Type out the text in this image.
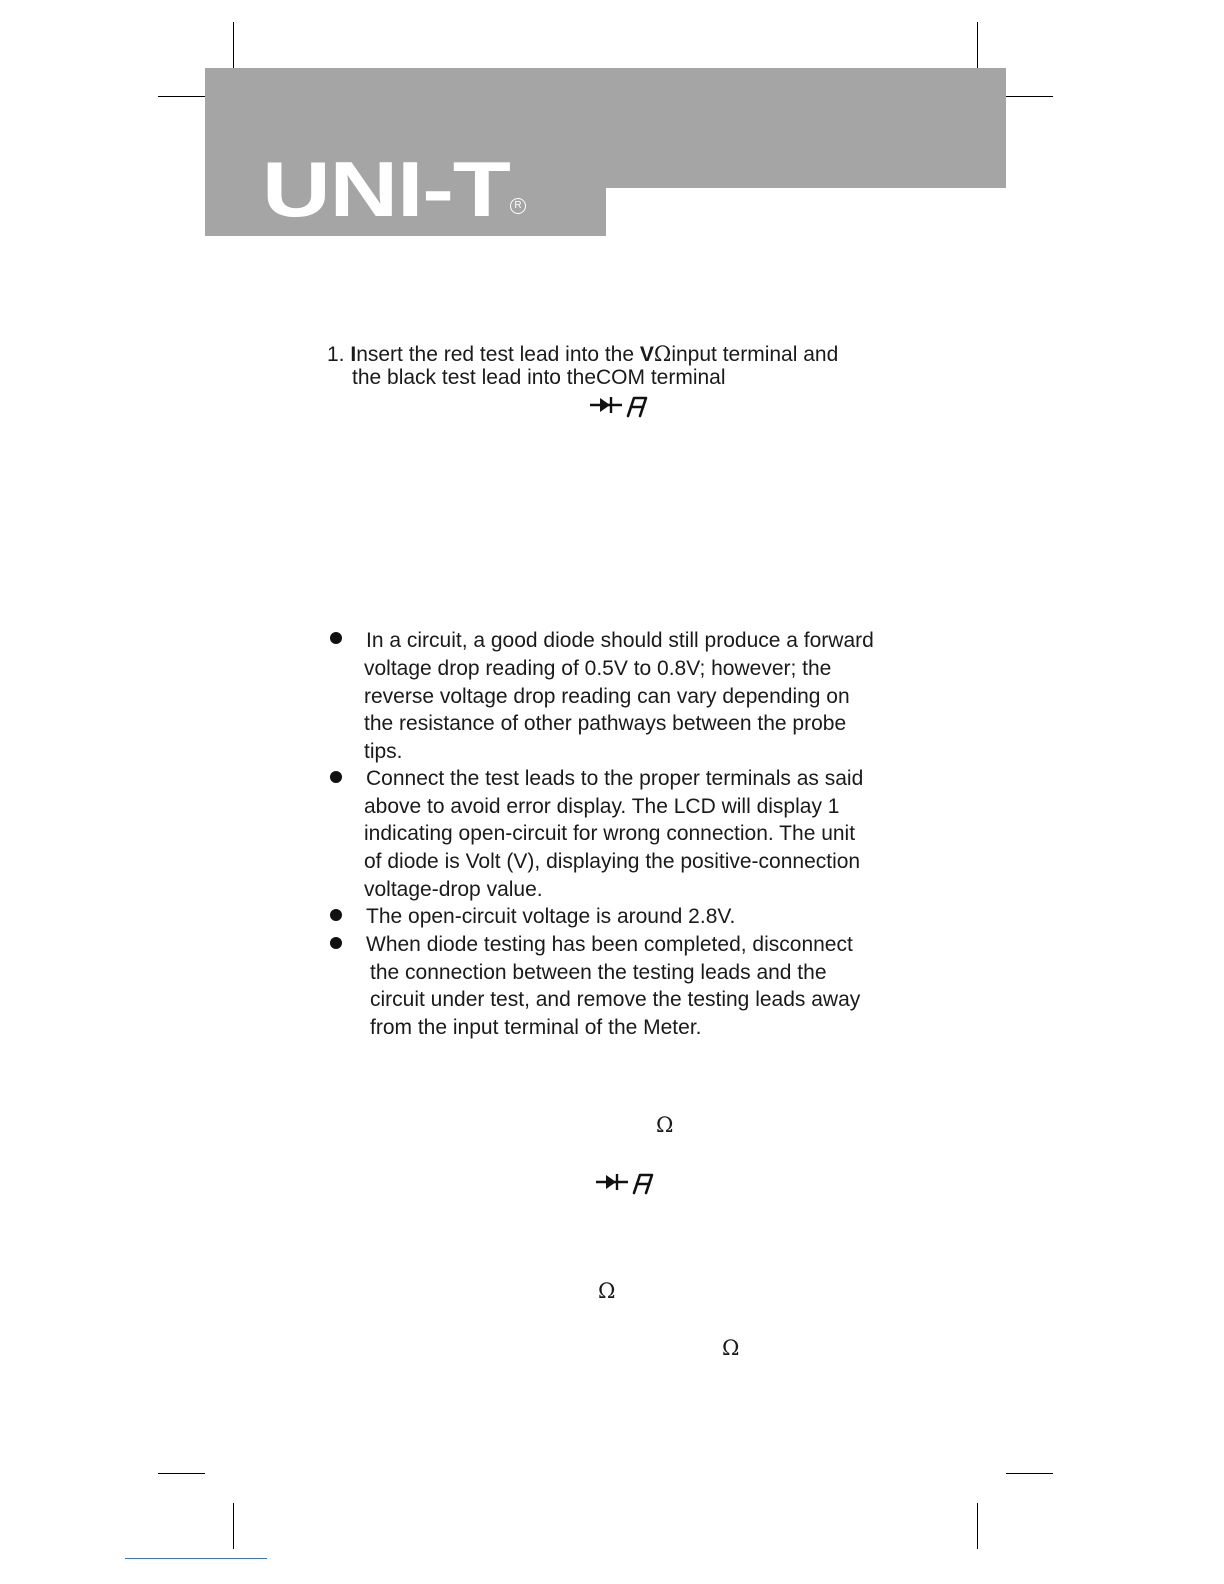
UNI-T R
1. Insert the red test lead into the VΩinput terminal and
the black test lead into theCOM terminal
In a circuit, a good diode should still produce a forward
voltage drop reading of 0.5V to 0.8V; however; the
reverse voltage drop reading can vary depending on
the resistance of other pathways between the probe
tips.
Connect the test leads to the proper terminals as said
above to avoid error display. The LCD will display 1
indicating open-circuit for wrong connection. The unit
of diode is Volt (V), displaying the positive-connection
voltage-drop value.
The open-circuit voltage is around 2.8V.
When diode testing has been completed, disconnect
the connection between the testing leads and the
circuit under test, and remove the testing leads away
from the input terminal of the Meter.
Ω
Ω
Ω
